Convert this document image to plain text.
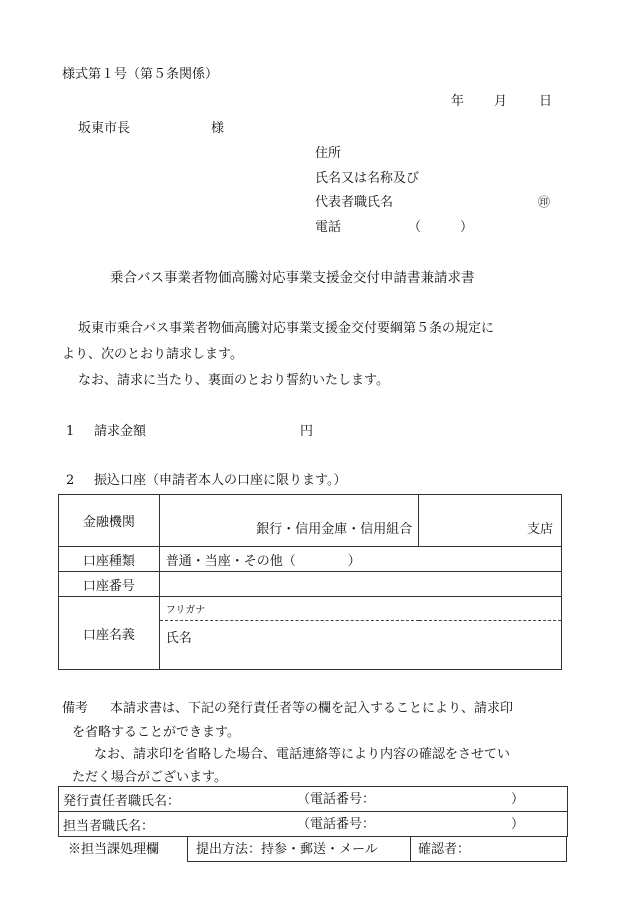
様式第１号（第５条関係）
年 月 日
坂東市長	様
住所
氏名又は名称及び
代表者職氏名	㊞
電話	（　　　）
乗合バス事業者物価高騰対応事業支援金交付申請書兼請求書
坂東市乗合バス事業者物価高騰対応事業支援金交付要綱第５条の規定に
より、次のとおり請求します。
なお、請求に当たり、裏面のとおり誓約いたします。
1 請求金額	円
2 振込口座（申請者本人の口座に限ります。）
金融機関	銀行・信用金庫・信用組合	支店
口座種類	普通・当座・その他（　　　　）	
口座番号		
口座名義	フリガナ	
	氏名	
備考 本請求書は、下記の発行責任者等の欄を記入することにより、請求印
を省略することができます。
なお、請求印を省略した場合、電話連絡等により内容の確認をさせてい
ただく場合がございます。
発行責任者職氏名：	（電話番号：	）

担当者職氏名：	（電話番号：	）
※担当課処理欄	提出方法：持参・郵送・メール	確認者：
